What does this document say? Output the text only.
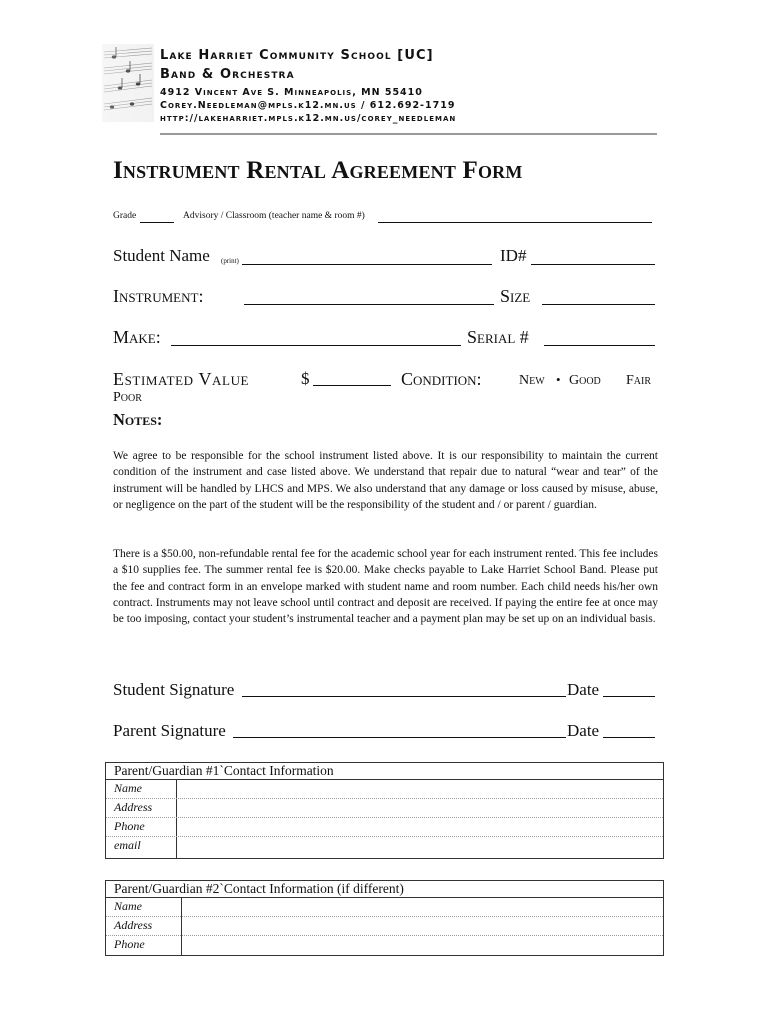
Lake Harriet Community School [UC]
Band & Orchestra
4912 Vincent Ave S. Minneapolis, MN 55410
Corey.Needleman@mpls.k12.mn.us / 612.692-1719
http://lakeharriet.mpls.k12.mn.us/corey_needleman
Instrument Rental Agreement Form
Grade	Advisory / Classroom (teacher name & room #)
Student Name (print)	ID#
Instrument:	Size
Make:	Serial #
Estimated Value	$	Condition:	New • Good Fair
Poor
Notes:
We agree to be responsible for the school instrument listed above. It is our responsibility to maintain the current condition of the instrument and case listed above. We understand that repair due to natural “wear and tear” of the instrument will be handled by LHCS and MPS. We also understand that any damage or loss caused by misuse, abuse, or negligence on the part of the student will be the responsibility of the student and / or parent / guardian.
There is a $50.00, non-refundable rental fee for the academic school year for each instrument rented. This fee includes a $10 supplies fee. The summer rental fee is $20.00. Make checks payable to Lake Harriet School Band. Please put the fee and contract form in an envelope marked with student name and room number. Each child needs his/her own contract. Instruments may not leave school until contract and deposit are received. If paying the entire fee at once may be too imposing, contact your student’s instrumental teacher and a payment plan may be set up on an individual basis.
Student Signature	Date
Parent Signature	Date
Parent/Guardian #1`Contact Information
Name
Address
Phone
email
Parent/Guardian #2`Contact Information (if different)
Name
Address
Phone
